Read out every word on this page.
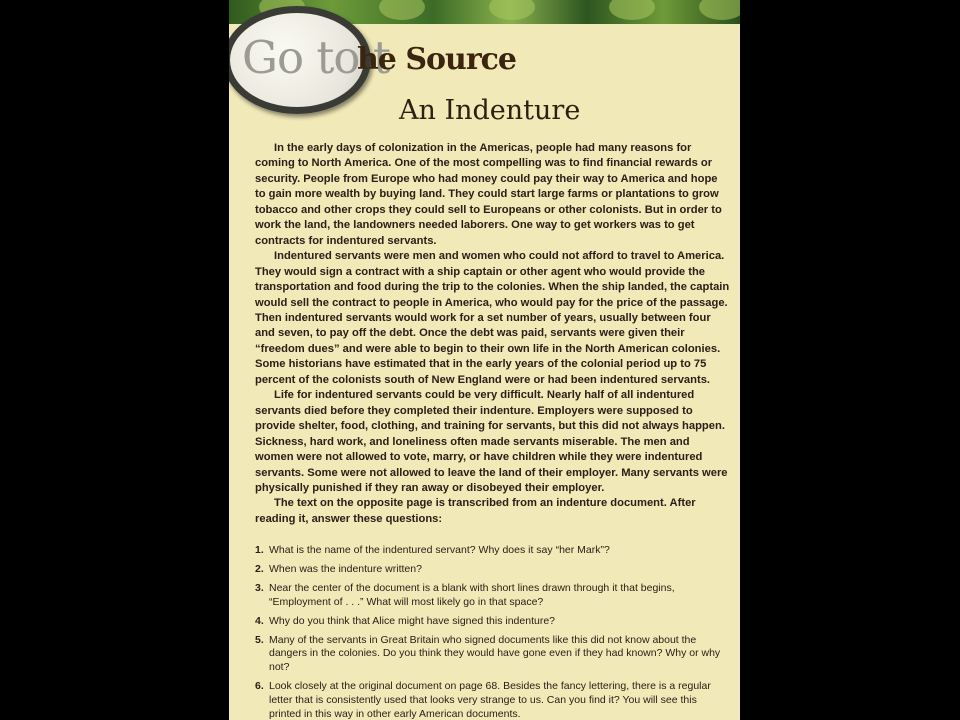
Go to t
he Source
An Indenture

In the early days of colonization in the Americas, people had many reasons for coming to North America. One of the most compelling was to find financial rewards or security. People from Europe who had money could pay their way to America and hope to gain more wealth by buying land. They could start large farms or plantations to grow tobacco and other crops they could sell to Europeans or other colonists. But in order to work the land, the landowners needed laborers. One way to get workers was to get contracts for indentured servants.

Indentured servants were men and women who could not afford to travel to America. They would sign a contract with a ship captain or other agent who would provide the transportation and food during the trip to the colonies. When the ship landed, the captain would sell the contract to people in America, who would pay for the price of the passage. Then indentured servants would work for a set number of years, usually between four and seven, to pay off the debt. Once the debt was paid, servants were given their “freedom dues” and were able to begin to their own life in the North American colonies. Some historians have estimated that in the early years of the colonial period up to 75 percent of the colonists south of New England were or had been indentured servants.

Life for indentured servants could be very difficult. Nearly half of all indentured servants died before they completed their indenture. Employers were supposed to provide shelter, food, clothing, and training for servants, but this did not always happen. Sickness, hard work, and loneliness often made servants miserable. The men and women were not allowed to vote, marry, or have children while they were indentured servants. Some were not allowed to leave the land of their employer. Many servants were physically punished if they ran away or disobeyed their employer.

The text on the opposite page is transcribed from an indenture document. After reading it, answer these questions:

1. What is the name of the indentured servant? Why does it say “her Mark”?
2. When was the indenture written?
3. Near the center of the document is a blank with short lines drawn through it that begins, “Employment of . . .” What will most likely go in that space?
4. Why do you think that Alice might have signed this indenture?
5. Many of the servants in Great Britain who signed documents like this did not know about the dangers in the colonies. Do you think they would have gone even if they had known? Why or why not?
6. Look closely at the original document on page 68. Besides the fancy lettering, there is a regular letter that is consistently used that looks very strange to us. Can you find it? You will see this printed in this way in other early American documents.
